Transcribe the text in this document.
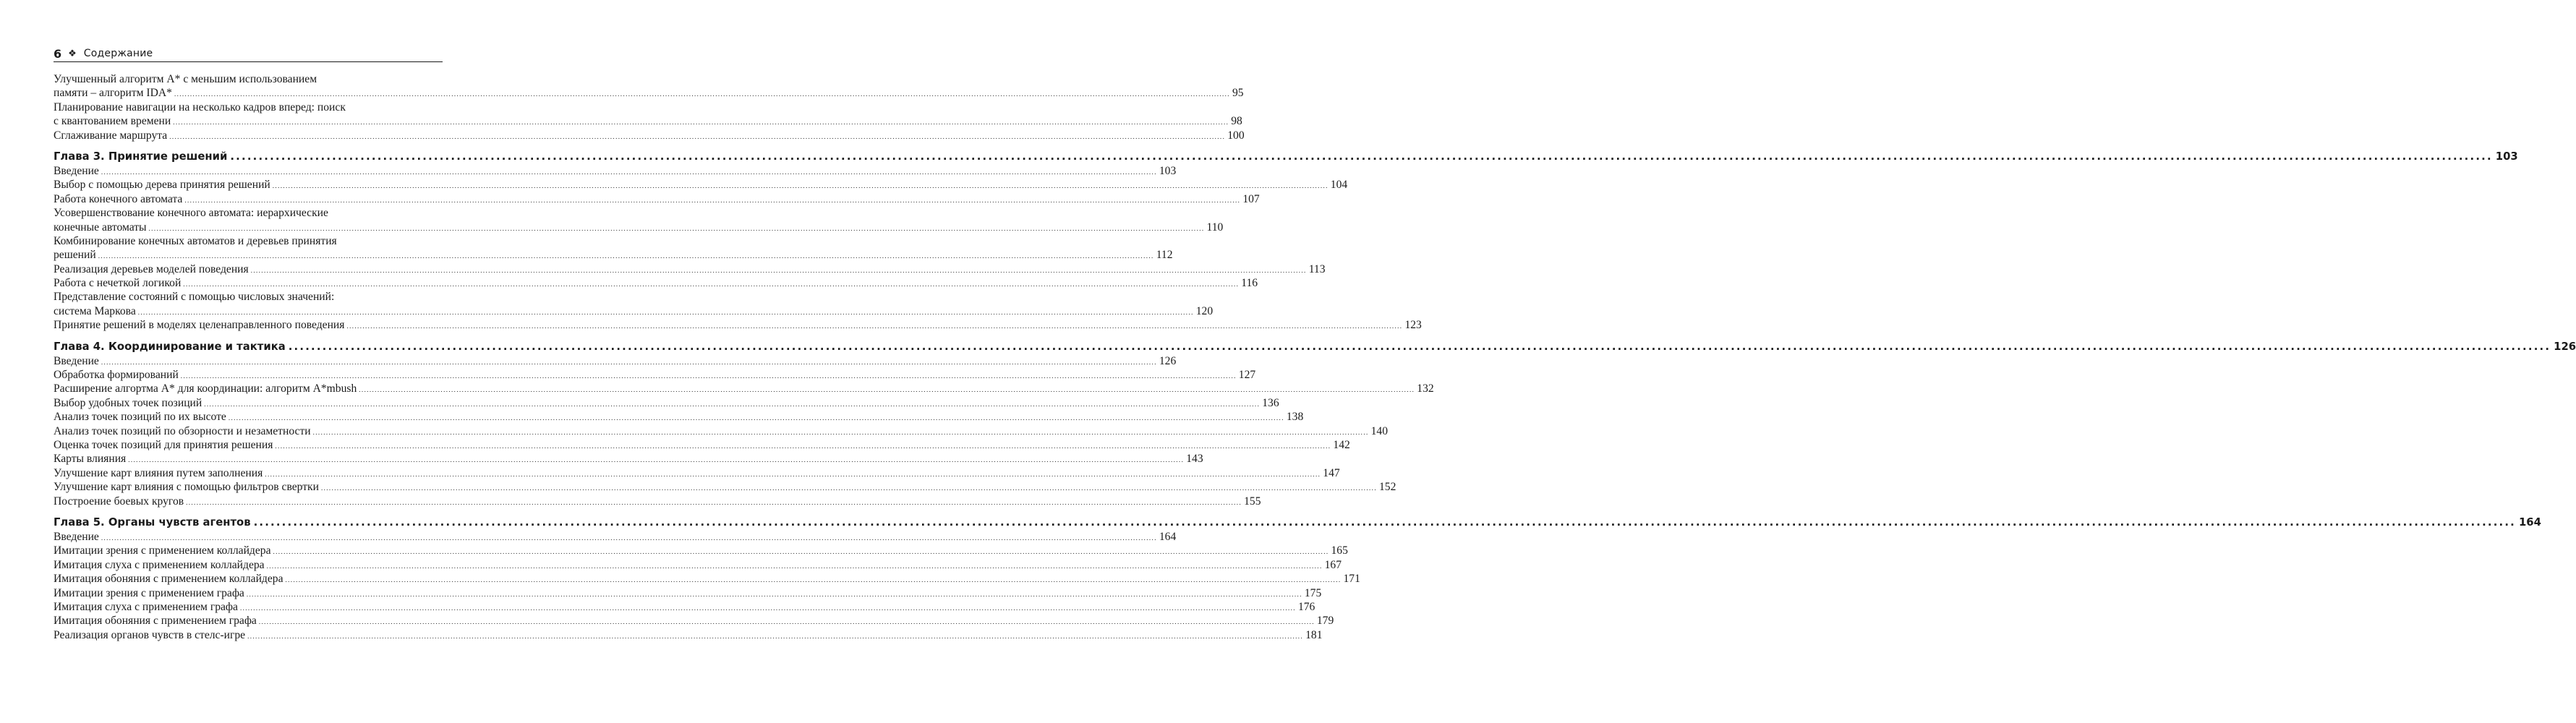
6 ❖ Содержание
Улучшенный алгоритм A* с меньшим использованием
памяти – алгоритм IDA* ................................................................................................................................................................................................................................................................................................................................................................................................................ 95
Планирование навигации на несколько кадров вперед: поиск
с квантованием времени ................................................................................................................................................................................................................................................................................................................................................................................................................ 98
Сглаживание маршрута ................................................................................................................................................................................................................................................................................................................................................................................................................ 100
Глава 3. Принятие решений ................................................................................................................................................................................................................................................................................................................................................................................................................ 103
Введение ................................................................................................................................................................................................................................................................................................................................................................................................................ 103
Выбор с помощью дерева принятия решений ................................................................................................................................................................................................................................................................................................................................................................................................................ 104
Работа конечного автомата ................................................................................................................................................................................................................................................................................................................................................................................................................ 107
Усовершенствование конечного автомата: иерархические
конечные автоматы ................................................................................................................................................................................................................................................................................................................................................................................................................ 110
Комбинирование конечных автоматов и деревьев принятия
решений ................................................................................................................................................................................................................................................................................................................................................................................................................ 112
Реализация деревьев моделей поведения ................................................................................................................................................................................................................................................................................................................................................................................................................ 113
Работа с нечеткой логикой ................................................................................................................................................................................................................................................................................................................................................................................................................ 116
Представление состояний с помощью числовых значений:
система Маркова ................................................................................................................................................................................................................................................................................................................................................................................................................ 120
Принятие решений в моделях целенаправленного поведения ................................................................................................................................................................................................................................................................................................................................................................................................................ 123
Глава 4. Координирование и тактика ................................................................................................................................................................................................................................................................................................................................................................................................................ 126
Введение ................................................................................................................................................................................................................................................................................................................................................................................................................ 126
Обработка формирований ................................................................................................................................................................................................................................................................................................................................................................................................................ 127
Расширение алгортма A* для координации: алгоритм A*mbush ................................................................................................................................................................................................................................................................................................................................................................................................................ 132
Выбор удобных точек позиций ................................................................................................................................................................................................................................................................................................................................................................................................................ 136
Анализ точек позиций по их высоте ................................................................................................................................................................................................................................................................................................................................................................................................................ 138
Анализ точек позиций по обзорности и незаметности ................................................................................................................................................................................................................................................................................................................................................................................................................ 140
Оценка точек позиций для принятия решения ................................................................................................................................................................................................................................................................................................................................................................................................................ 142
Карты влияния ................................................................................................................................................................................................................................................................................................................................................................................................................ 143
Улучшение карт влияния путем заполнения ................................................................................................................................................................................................................................................................................................................................................................................................................ 147
Улучшение карт влияния с помощью фильтров свертки ................................................................................................................................................................................................................................................................................................................................................................................................................ 152
Построение боевых кругов ................................................................................................................................................................................................................................................................................................................................................................................................................ 155
Глава 5. Органы чувств агентов ................................................................................................................................................................................................................................................................................................................................................................................................................ 164
Введение ................................................................................................................................................................................................................................................................................................................................................................................................................ 164
Имитации зрения с применением коллайдера ................................................................................................................................................................................................................................................................................................................................................................................................................ 165
Имитация слуха с применением коллайдера ................................................................................................................................................................................................................................................................................................................................................................................................................ 167
Имитация обоняния с применением коллайдера ................................................................................................................................................................................................................................................................................................................................................................................................................ 171
Имитации зрения с применением графа ................................................................................................................................................................................................................................................................................................................................................................................................................ 175
Имитация слуха с применением графа ................................................................................................................................................................................................................................................................................................................................................................................................................ 176
Имитация обоняния с применением графа ................................................................................................................................................................................................................................................................................................................................................................................................................ 179
Реализация органов чувств в стелс-игре ................................................................................................................................................................................................................................................................................................................................................................................................................ 181
